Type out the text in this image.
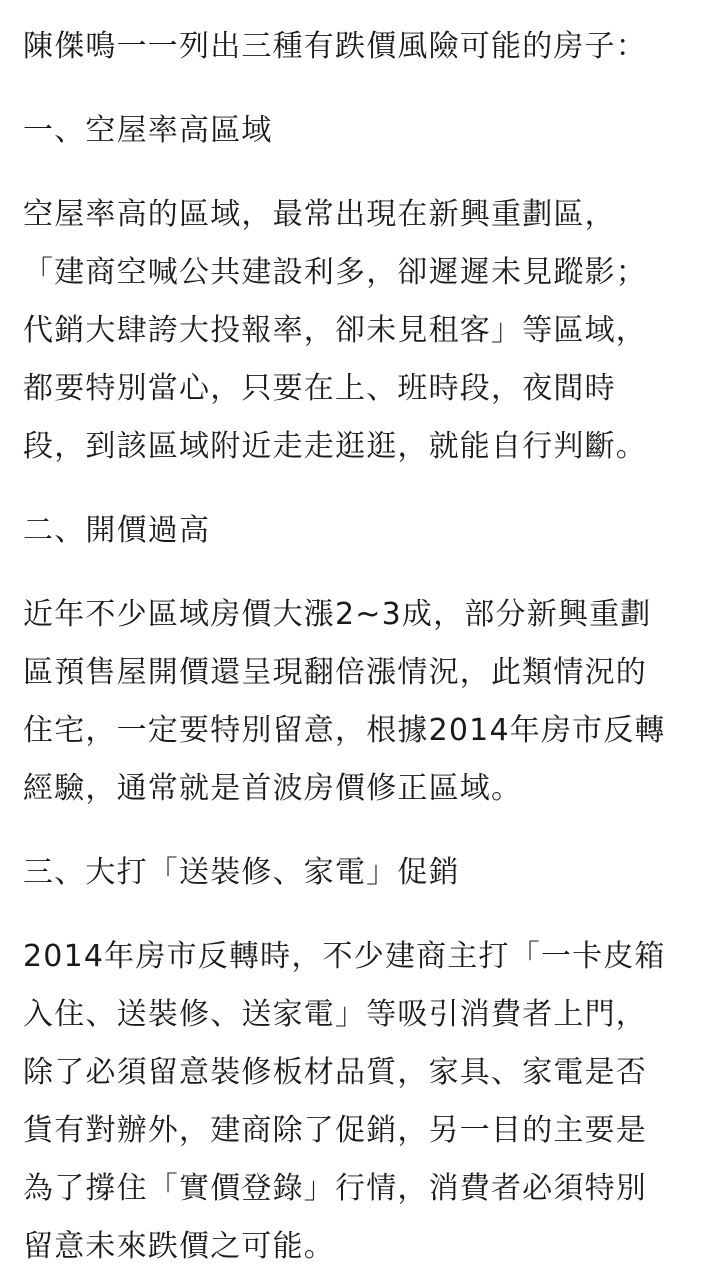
陳傑鳴一一列出三種有跌價風險可能的房子：

一、空屋率高區域

空屋率高的區域，最常出現在新興重劃區，
「建商空喊公共建設利多，卻遲遲未見蹤影；
代銷大肆誇大投報率，卻未見租客」等區域，
都要特別當心，只要在上、班時段，夜間時
段，到該區域附近走走逛逛，就能自行判斷。

二、開價過高

近年不少區域房價大漲2~3成，部分新興重劃
區預售屋開價還呈現翻倍漲情況，此類情況的
住宅，一定要特別留意，根據2014年房市反轉
經驗，通常就是首波房價修正區域。

三、大打「送裝修、家電」促銷

2014年房市反轉時，不少建商主打「一卡皮箱
入住、送裝修、送家電」等吸引消費者上門，
除了必須留意裝修板材品質，家具、家電是否
貨有對辦外，建商除了促銷，另一目的主要是
為了撐住「實價登錄」行情，消費者必須特別
留意未來跌價之可能。
